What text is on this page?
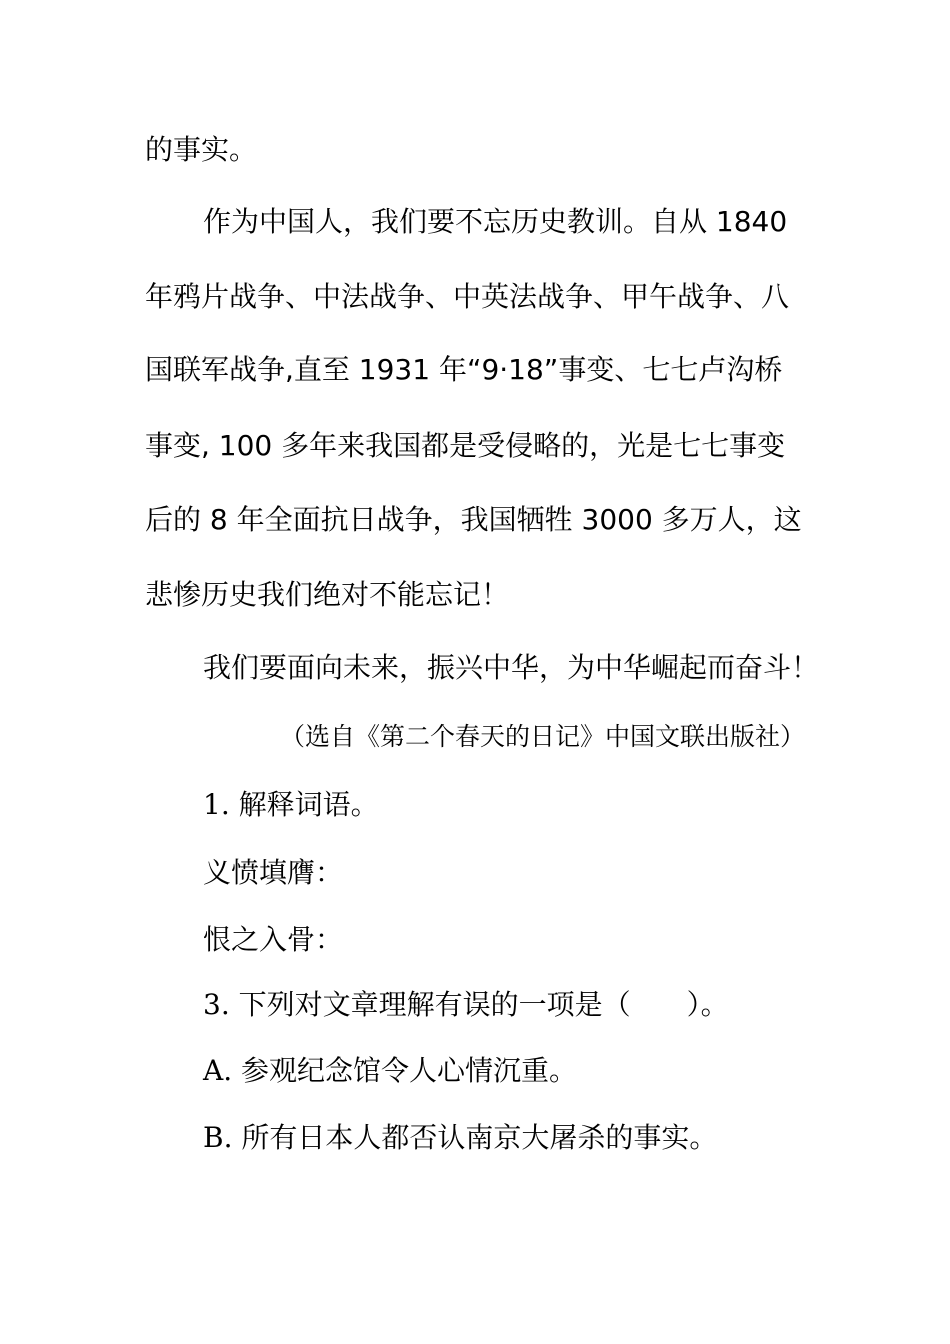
的事实。
作为中国人，我们要不忘历史教训。自从 1840
年鸦片战争、中法战争、中英法战争、甲午战争、八
国联军战争,直至 1931 年“9·18”事变、七七卢沟桥
事变, 100 多年来我国都是受侵略的，光是七七事变
后的 8 年全面抗日战争，我国牺牲 3000 多万人，这
悲惨历史我们绝对不能忘记！
我们要面向未来，振兴中华，为中华崛起而奋斗！
（选自《第二个春天的日记》中国文联出版社）
1. 解释词语。
义愤填膺：
恨之入骨：
3. 下列对文章理解有误的一项是（　　）。
A. 参观纪念馆令人心情沉重。
B. 所有日本人都否认南京大屠杀的事实。
